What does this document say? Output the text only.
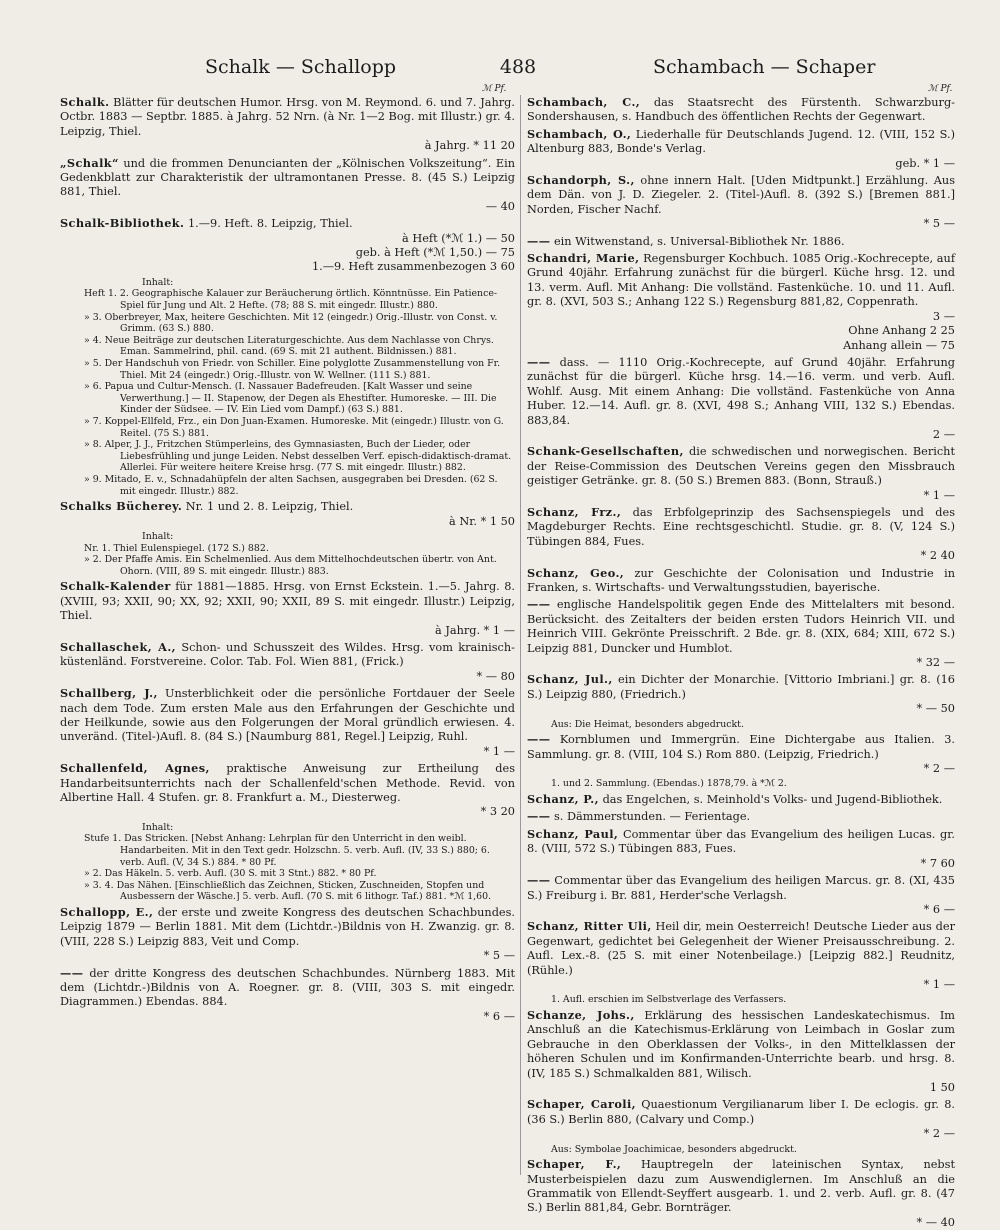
Schalk — Schallopp	488	Schambach — Schaper
ℳ Pf.	ℳ Pf.
Schalk. Blätter für deutschen Humor. Hrsg. von M. Reymond. 6. und 7. Jahrg. Octbr. 1883 — Septbr. 1885. à Jahrg. 52 Nrn. (à Nr. 1—2 Bog. mit Illustr.) gr. 4. Leipzig, Thiel.
à Jahrg. * 11 20
„Schalk“ und die frommen Denuncianten der „Kölnischen Volkszeitung“. Ein Gedenkblatt zur Charakteristik der ultramontanen Presse. 8. (45 S.) Leipzig 881, Thiel.
— 40
Schalk-Bibliothek. 1.—9. Heft. 8. Leipzig, Thiel.
à Heft (*ℳ 1.) — 50
geb. à Heft (*ℳ 1,50.) — 75
1.—9. Heft zusammenbezogen 3 60
Inhalt:
Heft 1. 2. Geographische Kalauer zur Beräucherung örtlich. Könntnüsse. Ein Patience-Spiel für Jung und Alt. 2 Hefte. (78; 88 S. mit eingedr. Illustr.) 880.
» 3. Oberbreyer, Max, heitere Geschichten. Mit 12 (eingedr.) Orig.-Illustr. von Const. v. Grimm. (63 S.) 880.
» 4. Neue Beiträge zur deutschen Literaturgeschichte. Aus dem Nachlasse von Chrys. Eman. Sammelrind, phil. cand. (69 S. mit 21 authent. Bildnissen.) 881.
» 5. Der Handschuh von Friedr. von Schiller. Eine polyglotte Zusammenstellung von Fr. Thiel. Mit 24 (eingedr.) Orig.-Illustr. von W. Wellner. (111 S.) 881.
» 6. Papua und Cultur-Mensch. (I. Nassauer Badefreuden. [Kalt Wasser und seine Verwerthung.] — II. Stapenow, der Degen als Ehestifter. Humoreske. — III. Die Kinder der Südsee. — IV. Ein Lied vom Dampf.) (63 S.) 881.
» 7. Koppel-Ellfeld, Frz., ein Don Juan-Examen. Humoreske. Mit (eingedr.) Illustr. von G. Reitel. (75 S.) 881.
» 8. Alper, J. J., Fritzchen Stümperleins, des Gymnasiasten, Buch der Lieder, oder Liebesfrühling und junge Leiden. Nebst desselben Verf. episch-didaktisch-dramat. Allerlei. Für weitere heitere Kreise hrsg. (77 S. mit eingedr. Illustr.) 882.
» 9. Mitado, E. v., Schnadahüpfeln der alten Sachsen, ausgegraben bei Dresden. (62 S. mit eingedr. Illustr.) 882.
Schalks Bücherey. Nr. 1 und 2. 8. Leipzig, Thiel.
à Nr. * 1 50
Inhalt:
Nr. 1. Thiel Eulenspiegel. (172 S.) 882.
» 2. Der Pfaffe Amis. Ein Schelmenlied. Aus dem Mittelhochdeutschen übertr. von Ant. Ohorn. (VIII, 89 S. mit eingedr. Illustr.) 883.
Schalk-Kalender für 1881—1885. Hrsg. von Ernst Eckstein. 1.—5. Jahrg. 8. (XVIII, 93; XXII, 90; XX, 92; XXII, 90; XXII, 89 S. mit eingedr. Illustr.) Leipzig, Thiel.
à Jahrg. * 1 —
Schallaschek, A., Schon- und Schusszeit des Wildes. Hrsg. vom krainisch-küstenländ. Forstvereine. Color. Tab. Fol. Wien 881, (Frick.)
* — 80
Schallberg, J., Unsterblichkeit oder die persönliche Fortdauer der Seele nach dem Tode. Zum ersten Male aus den Erfahrungen der Geschichte und der Heilkunde, sowie aus den Folgerungen der Moral gründlich erwiesen. 4. unveränd. (Titel-)Aufl. 8. (84 S.) [Naumburg 881, Regel.] Leipzig, Ruhl.
* 1 —
Schallenfeld, Agnes, praktische Anweisung zur Ertheilung des Handarbeitsunterrichts nach der Schallenfeld'schen Methode. Revid. von Albertine Hall. 4 Stufen. gr. 8. Frankfurt a. M., Diesterweg.
* 3 20
Inhalt:
Stufe 1. Das Stricken. [Nebst Anhang: Lehrplan für den Unterricht in den weibl. Handarbeiten. Mit in den Text gedr. Holzschn. 5. verb. Aufl. (IV, 33 S.) 880; 6. verb. Aufl. (V, 34 S.) 884. * 80 Pf.
» 2. Das Häkeln. 5. verb. Aufl. (30 S. mit 3 Stnt.) 882. * 80 Pf.
» 3. 4. Das Nähen. [Einschließlich das Zeichnen, Sticken, Zuschneiden, Stopfen und Ausbessern der Wäsche.] 5. verb. Aufl. (70 S. mit 6 lithogr. Taf.) 881. *ℳ 1,60.
Schallopp, E., der erste und zweite Kongress des deutschen Schachbundes. Leipzig 1879 — Berlin 1881. Mit dem (Lichtdr.-)Bildnis von H. Zwanzig. gr. 8. (VIII, 228 S.) Leipzig 883, Veit und Comp.
* 5 —
—— der dritte Kongress des deutschen Schachbundes. Nürnberg 1883. Mit dem (Lichtdr.-)Bildnis von A. Roegner. gr. 8. (VIII, 303 S. mit eingedr. Diagrammen.) Ebendas. 884.
* 6 —
Schambach, C., das Staatsrecht des Fürstenth. Schwarzburg-Sondershausen, s. Handbuch des öffentlichen Rechts der Gegenwart.
Schambach, O., Liederhalle für Deutschlands Jugend. 12. (VIII, 152 S.) Altenburg 883, Bonde's Verlag.
geb. * 1 —
Schandorph, S., ohne innern Halt. [Uden Midtpunkt.] Erzählung. Aus dem Dän. von J. D. Ziegeler. 2. (Titel-)Aufl. 8. (392 S.) [Bremen 881.] Norden, Fischer Nachf.
* 5 —
—— ein Witwenstand, s. Universal-Bibliothek Nr. 1886.
Schandri, Marie, Regensburger Kochbuch. 1085 Orig.-Kochrecepte, auf Grund 40jähr. Erfahrung zunächst für die bürgerl. Küche hrsg. 12. und 13. verm. Aufl. Mit Anhang: Die vollständ. Fastenküche. 10. und 11. Aufl. gr. 8. (XVI, 503 S.; Anhang 122 S.) Regensburg 881,82, Coppenrath.
3 —
Ohne Anhang 2 25
Anhang allein — 75
—— dass. — 1110 Orig.-Kochrecepte, auf Grund 40jähr. Erfahrung zunächst für die bürgerl. Küche hrsg. 14.—16. verm. und verb. Aufl. Wohlf. Ausg. Mit einem Anhang: Die vollständ. Fastenküche von Anna Huber. 12.—14. Aufl. gr. 8. (XVI, 498 S.; Anhang VIII, 132 S.) Ebendas. 883,84.
2 —
Schank-Gesellschaften, die schwedischen und norwegischen. Bericht der Reise-Commission des Deutschen Vereins gegen den Missbrauch geistiger Getränke. gr. 8. (50 S.) Bremen 883. (Bonn, Strauß.)
* 1 —
Schanz, Frz., das Erbfolgeprinzip des Sachsenspiegels und des Magdeburger Rechts. Eine rechtsgeschichtl. Studie. gr. 8. (V, 124 S.) Tübingen 884, Fues.
* 2 40
Schanz, Geo., zur Geschichte der Colonisation und Industrie in Franken, s. Wirtschafts- und Verwaltungsstudien, bayerische.
—— englische Handelspolitik gegen Ende des Mittelalters mit besond. Berücksicht. des Zeitalters der beiden ersten Tudors Heinrich VII. und Heinrich VIII. Gekrönte Preisschrift. 2 Bde. gr. 8. (XIX, 684; XIII, 672 S.) Leipzig 881, Duncker und Humblot.
* 32 —
Schanz, Jul., ein Dichter der Monarchie. [Vittorio Imbriani.] gr. 8. (16 S.) Leipzig 880, (Friedrich.)
* — 50
Aus: Die Heimat, besonders abgedruckt.
—— Kornblumen und Immergrün. Eine Dichtergabe aus Italien. 3. Sammlung. gr. 8. (VIII, 104 S.) Rom 880. (Leipzig, Friedrich.)
* 2 —
1. und 2. Sammlung. (Ebendas.) 1878,79. à *ℳ 2.
Schanz, P., das Engelchen, s. Meinhold's Volks- und Jugend-Bibliothek.
—— s. Dämmerstunden. — Ferientage.
Schanz, Paul, Commentar über das Evangelium des heiligen Lucas. gr. 8. (VIII, 572 S.) Tübingen 883, Fues.
* 7 60
—— Commentar über das Evangelium des heiligen Marcus. gr. 8. (XI, 435 S.) Freiburg i. Br. 881, Herder'sche Verlagsh.
* 6 —
Schanz, Ritter Uli, Heil dir, mein Oesterreich! Deutsche Lieder aus der Gegenwart, gedichtet bei Gelegenheit der Wiener Preisausschreibung. 2. Aufl. Lex.-8. (25 S. mit einer Notenbeilage.) [Leipzig 882.] Reudnitz, (Rühle.)
* 1 —
1. Aufl. erschien im Selbstverlage des Verfassers.
Schanze, Johs., Erklärung des hessischen Landeskatechismus. Im Anschluß an die Katechismus-Erklärung von Leimbach in Goslar zum Gebrauche in den Oberklassen der Volks-, in den Mittelklassen der höheren Schulen und im Konfirmanden-Unterrichte bearb. und hrsg. 8. (IV, 185 S.) Schmalkalden 881, Wilisch.
1 50
Schaper, Caroli, Quaestionum Vergilianarum liber I. De eclogis. gr. 8. (36 S.) Berlin 880, (Calvary und Comp.)
* 2 —
Aus: Symbolae Joachimicae, besonders abgedruckt.
Schaper, F., Hauptregeln der lateinischen Syntax, nebst Musterbeispielen dazu zum Auswendiglernen. Im Anschluß an die Grammatik von Ellendt-Seyffert ausgearb. 1. und 2. verb. Aufl. gr. 8. (47 S.) Berlin 881,84, Gebr. Bornträger.
* — 40
